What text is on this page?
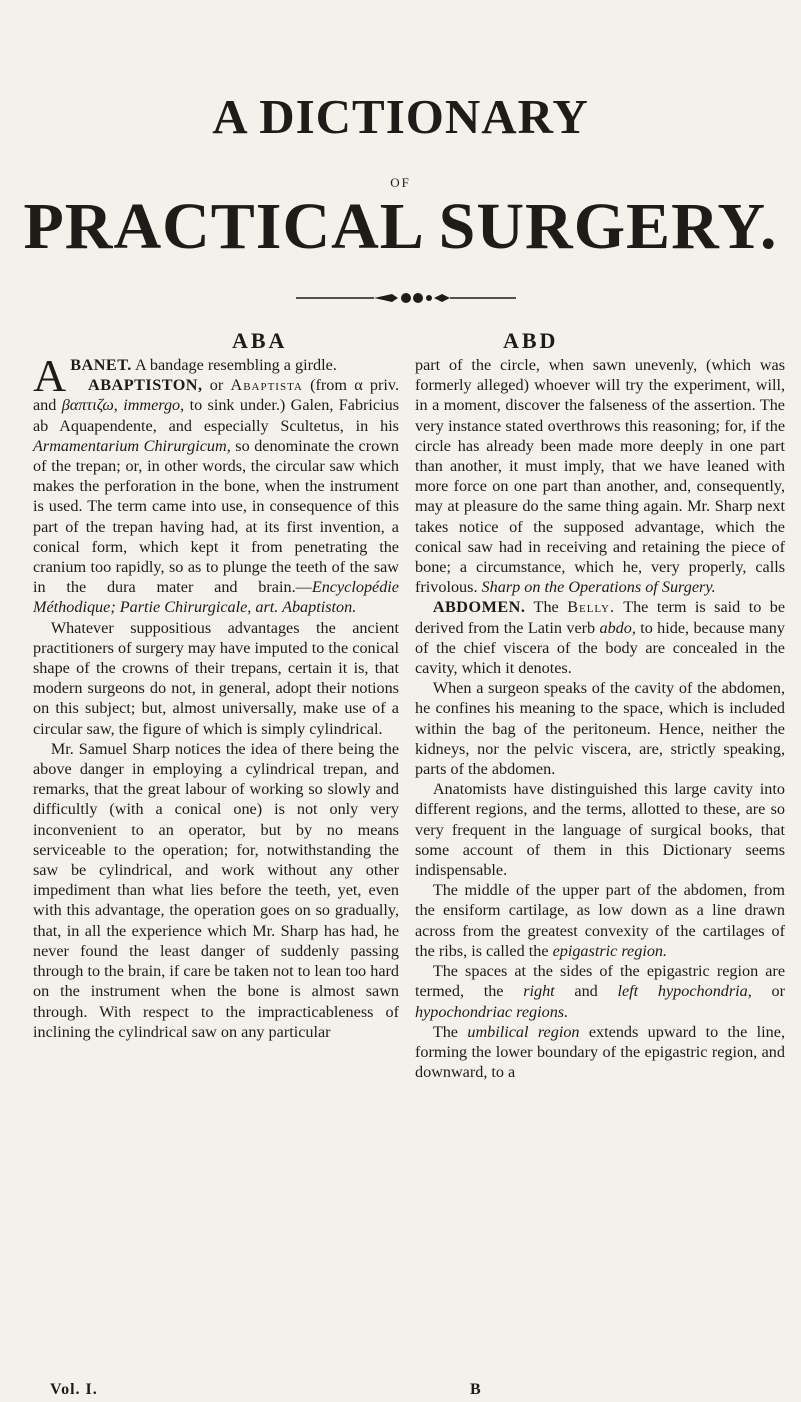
A DICTIONARY
OF
PRACTICAL SURGERY.
ABA	ABD

ABANET. A bandage resembling a girdle.

ABAPTISTON, or Abaptista (from α priv. and βαπτιζω, immergo, to sink under.) Galen, Fabricius ab Aquapendente, and especially Scultetus, in his Armamentarium Chirurgicum, so denominate the crown of the trepan; or, in other words, the circular saw which makes the perforation in the bone, when the instrument is used. The term came into use, in consequence of this part of the trepan having had, at its first invention, a conical form, which kept it from penetrating the cranium too rapidly, so as to plunge the teeth of the saw in the dura mater and brain.—Encyclopédie Méthodique; Partie Chirurgicale, art. Abaptiston.

Whatever suppositious advantages the ancient practitioners of surgery may have imputed to the conical shape of the crowns of their trepans, certain it is, that modern surgeons do not, in general, adopt their notions on this subject; but, almost universally, make use of a circular saw, the figure of which is simply cylindrical.

Mr. Samuel Sharp notices the idea of there being the above danger in employing a cylindrical trepan, and remarks, that the great labour of working so slowly and difficultly (with a conical one) is not only very inconvenient to an operator, but by no means serviceable to the operation; for, notwithstanding the saw be cylindrical, and work without any other impediment than what lies before the teeth, yet, even with this advantage, the operation goes on so gradually, that, in all the experience which Mr. Sharp has had, he never found the least danger of suddenly passing through to the brain, if care be taken not to lean too hard on the instrument when the bone is almost sawn through. With respect to the impracticableness of inclining the cylindrical saw on any particular

part of the circle, when sawn unevenly, (which was formerly alleged) whoever will try the experiment, will, in a moment, discover the falseness of the assertion. The very instance stated overthrows this reasoning; for, if the circle has already been made more deeply in one part than another, it must imply, that we have leaned with more force on one part than another, and, consequently, may at pleasure do the same thing again. Mr. Sharp next takes notice of the supposed advantage, which the conical saw had in receiving and retaining the piece of bone; a circumstance, which he, very properly, calls frivolous. Sharp on the Operations of Surgery.

ABDOMEN. The Belly. The term is said to be derived from the Latin verb abdo, to hide, because many of the chief viscera of the body are concealed in the cavity, which it denotes.

When a surgeon speaks of the cavity of the abdomen, he confines his meaning to the space, which is included within the bag of the peritoneum. Hence, neither the kidneys, nor the pelvic viscera, are, strictly speaking, parts of the abdomen.

Anatomists have distinguished this large cavity into different regions, and the terms, allotted to these, are so very frequent in the language of surgical books, that some account of them in this Dictionary seems indispensable.

The middle of the upper part of the abdomen, from the ensiform cartilage, as low down as a line drawn across from the greatest convexity of the cartilages of the ribs, is called the epigastric region.

The spaces at the sides of the epigastric region are termed, the right and left hypochondria, or hypochondriac regions.

The umbilical region extends upward to the line, forming the lower boundary of the epigastric region, and downward, to a

Vol. I.	B
